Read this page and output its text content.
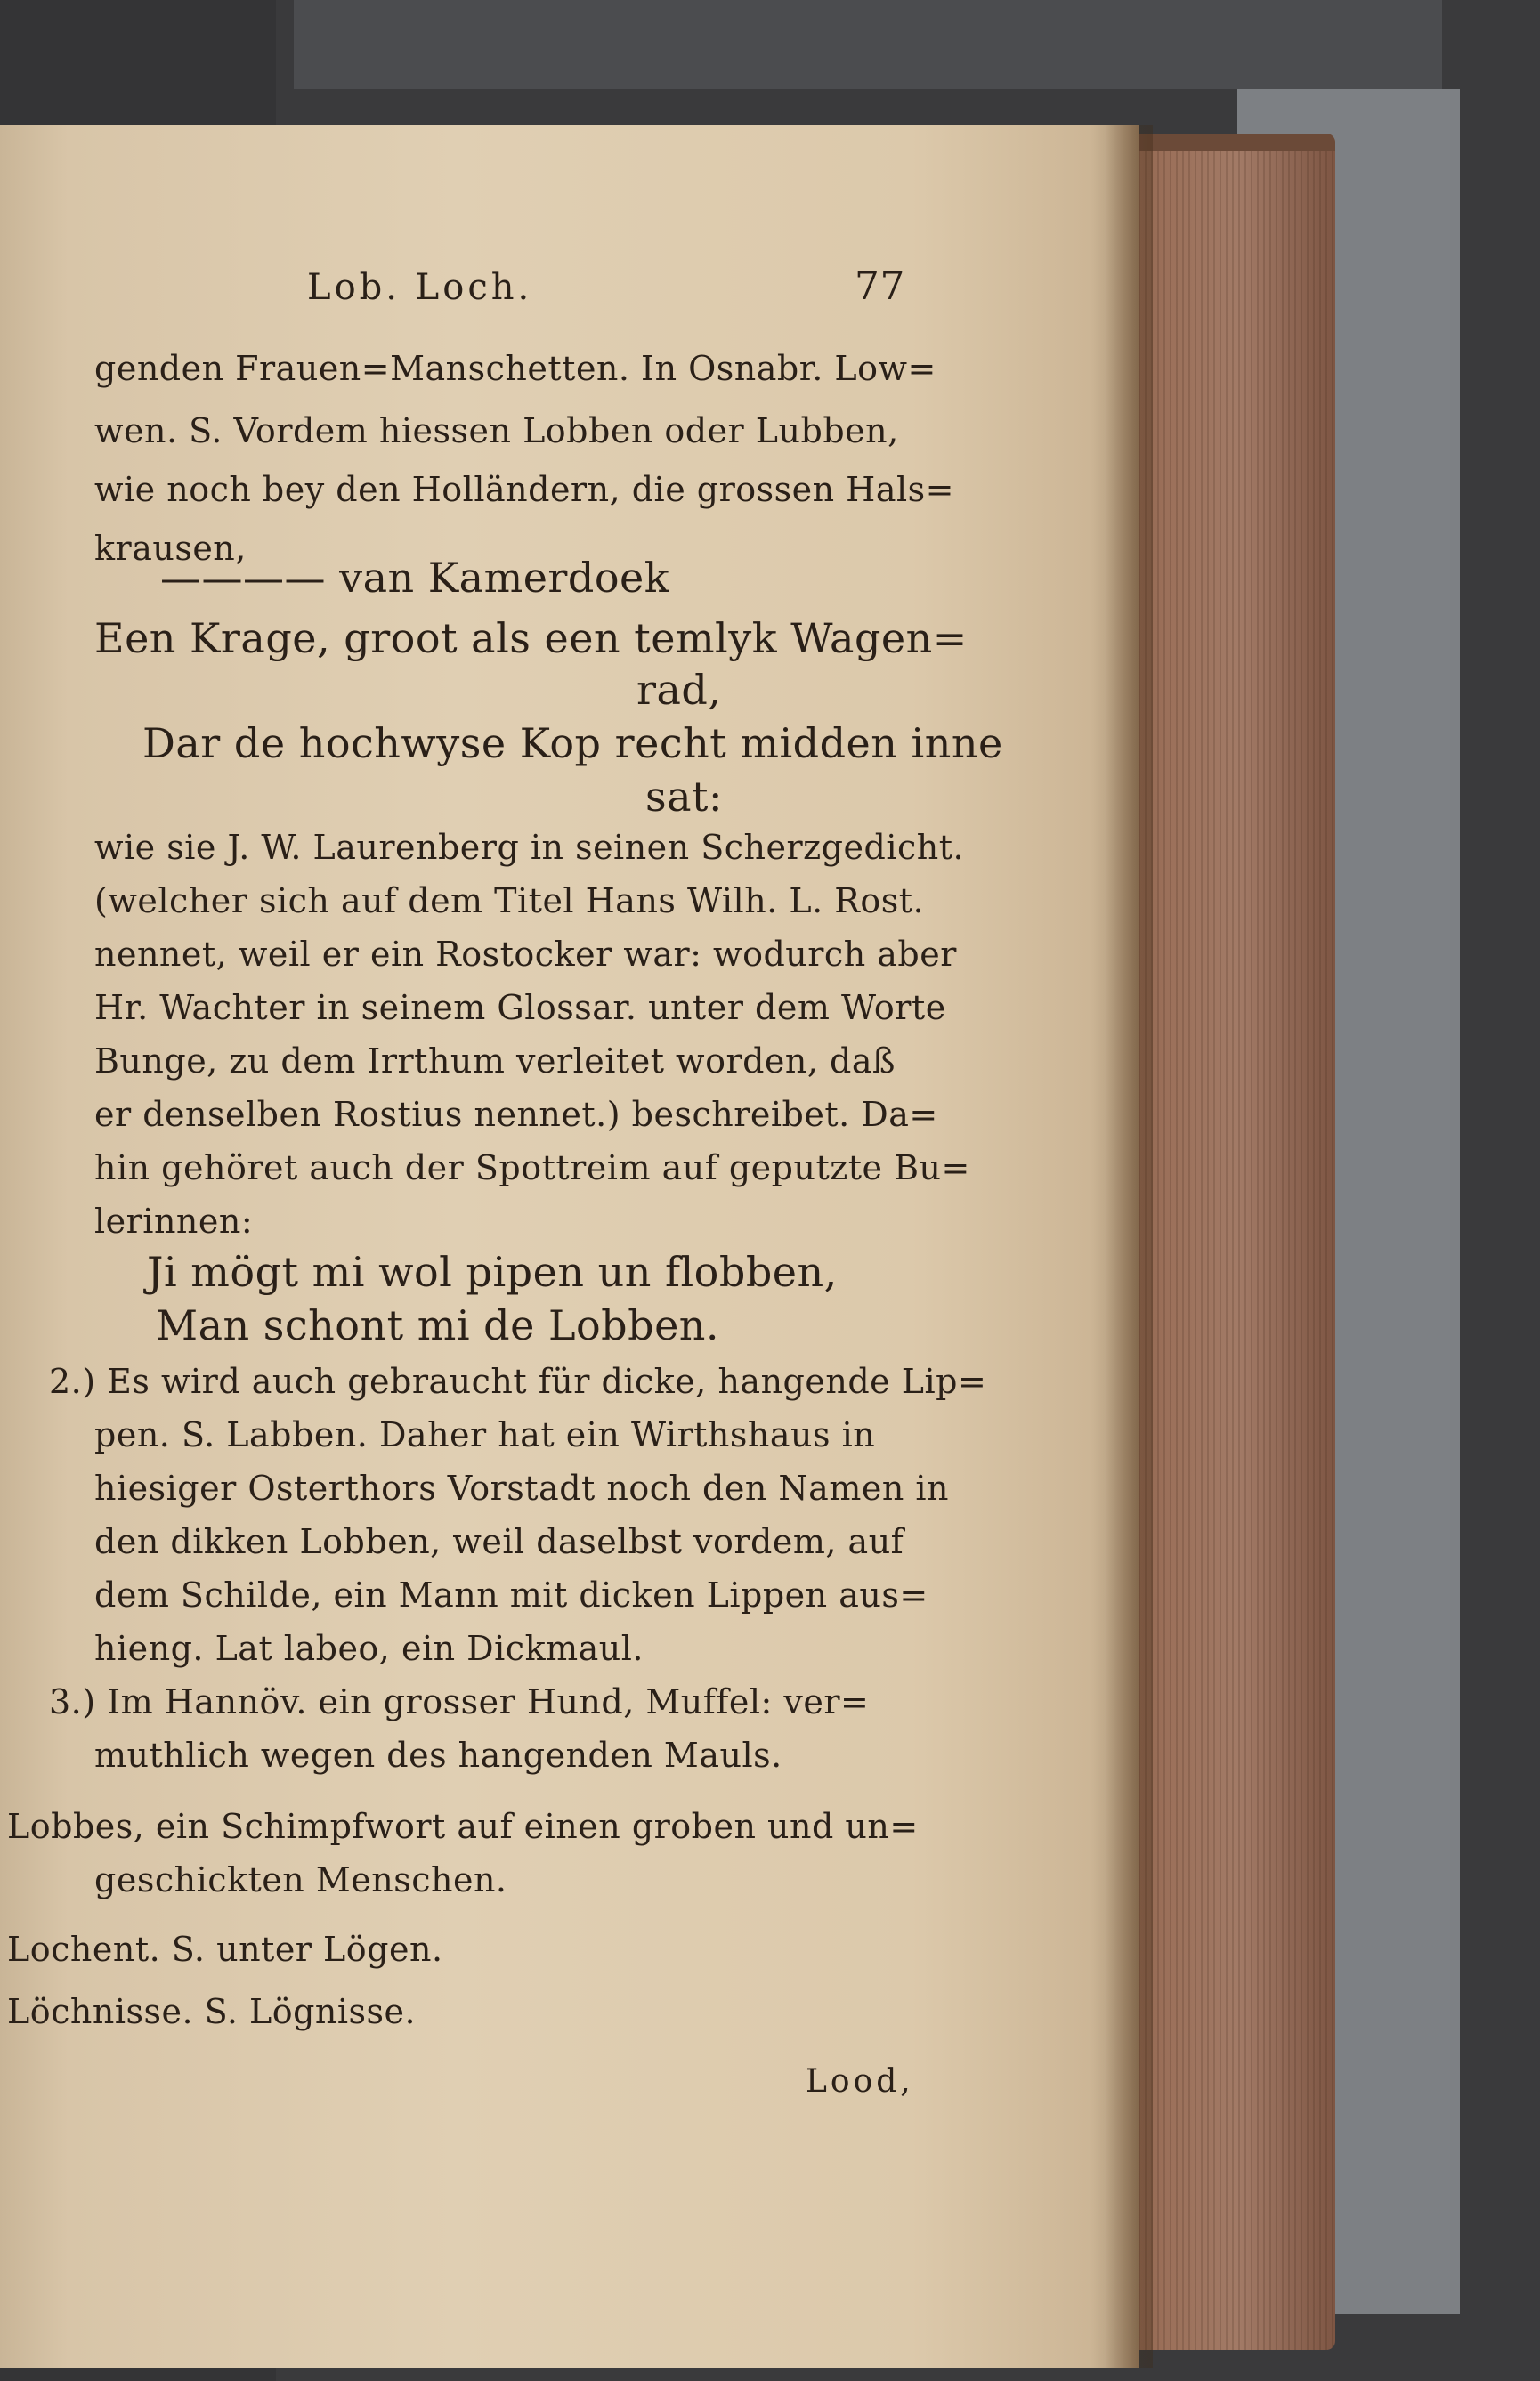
Lob. Loch.	77
genden Frauen=Manschetten. In Osnabr. Low=
wen. S. Vordem hiessen Lobben oder Lubben,
wie noch bey den Holländern, die grossen Hals=
krausen,
———— van Kamerdoek
Een Krage, groot als een temlyk Wagen=
rad,
Dar de hochwyse Kop recht midden inne
sat:
wie sie J. W. Laurenberg in seinen Scherzgedicht.
(welcher sich auf dem Titel Hans Wilh. L. Rost.
nennet, weil er ein Rostocker war: wodurch aber
Hr. Wachter in seinem Glossar. unter dem Worte
Bunge, zu dem Irrthum verleitet worden, daß
er denselben Rostius nennet.) beschreibet. Da=
hin gehöret auch der Spottreim auf geputzte Bu=
lerinnen:
Ji mögt mi wol pipen un flobben,
Man schont mi de Lobben.
2.) Es wird auch gebraucht für dicke, hangende Lip=
pen. S. Labben. Daher hat ein Wirthshaus in
hiesiger Osterthors Vorstadt noch den Namen in
den dikken Lobben, weil daselbst vordem, auf
dem Schilde, ein Mann mit dicken Lippen aus=
hieng. Lat labeo, ein Dickmaul.
3.) Im Hannöv. ein grosser Hund, Muffel: ver=
muthlich wegen des hangenden Mauls.
Lobbes, ein Schimpfwort auf einen groben und un=
geschickten Menschen.
Lochent. S. unter Lögen.
Löchnisse. S. Lögnisse.
Lood,
